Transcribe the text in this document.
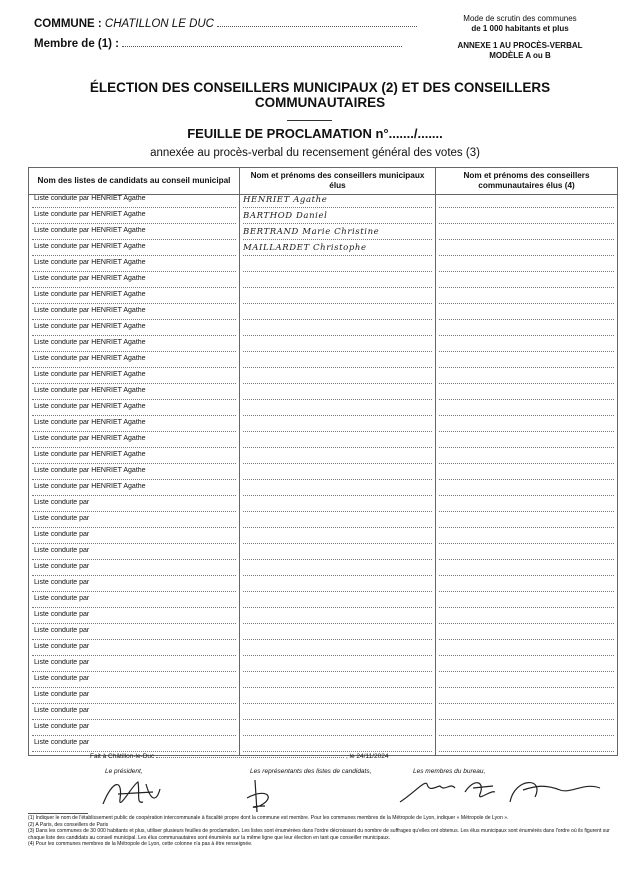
COMMUNE : CHATILLON LE DUC
Membre de (1) :
Mode de scrutin des communes
de 1 000 habitants et plus
ANNEXE 1 AU PROCÈS-VERBAL
MODÈLE A ou B
ÉLECTION DES CONSEILLERS MUNICIPAUX (2) ET DES CONSEILLERS
COMMUNAUTAIRES
FEUILLE DE PROCLAMATION n°......./.......
annexée au procès-verbal du recensement général des votes (3)
Nom des listes de candidats au conseil municipal	Nom et prénoms des conseillers municipaux élus	Nom et prénoms des conseillers communautaires élus (4)

Liste conduite par HENRIET Agathe	HENRIET Agathe	

Liste conduite par HENRIET Agathe	BARTHOD Daniel	

Liste conduite par HENRIET Agathe	BERTRAND Marie Christine	

Liste conduite par HENRIET Agathe	MAILLARDET Christophe	

Liste conduite par HENRIET Agathe		

Liste conduite par HENRIET Agathe		

Liste conduite par HENRIET Agathe		

Liste conduite par HENRIET Agathe		

Liste conduite par HENRIET Agathe		

Liste conduite par HENRIET Agathe		

Liste conduite par HENRIET Agathe		

Liste conduite par HENRIET Agathe		

Liste conduite par HENRIET Agathe		

Liste conduite par HENRIET Agathe		

Liste conduite par HENRIET Agathe		

Liste conduite par HENRIET Agathe		

Liste conduite par HENRIET Agathe		

Liste conduite par HENRIET Agathe		

Liste conduite par HENRIET Agathe		

Liste conduite par		

Liste conduite par		

Liste conduite par		

Liste conduite par		

Liste conduite par		

Liste conduite par		

Liste conduite par		

Liste conduite par		

Liste conduite par		

Liste conduite par		

Liste conduite par		

Liste conduite par		

Liste conduite par		

Liste conduite par		

Liste conduite par		

Liste conduite par		

Fait à Châtillon-le-Duc	, le 24/11/2024
Le président,	Les représentants des listes de candidats,	Les membres du bureau,
(1) Indiquer le nom de l'établissement public de coopération intercommunale à fiscalité propre dont la commune est membre. Pour les communes membres de la Métropole de Lyon, indiquer « Métropole de Lyon ».
(2) A Paris, des conseillers de Paris
(3) Dans les communes de 30 000 habitants et plus, utiliser plusieurs feuilles de proclamation. Les listes sont énumérées dans l'ordre décroissant du nombre de suffrages qu'elles ont obtenus. Les élus municipaux sont énumérés dans l'ordre où ils figurent sur chaque liste des candidats au conseil municipal. Les élus communautaires sont énumérés sur la même ligne que leur élection en tant que conseiller municipaux.
(4) Pour les communes membres de la Métropole de Lyon, cette colonne n'a pas à être renseignée.
